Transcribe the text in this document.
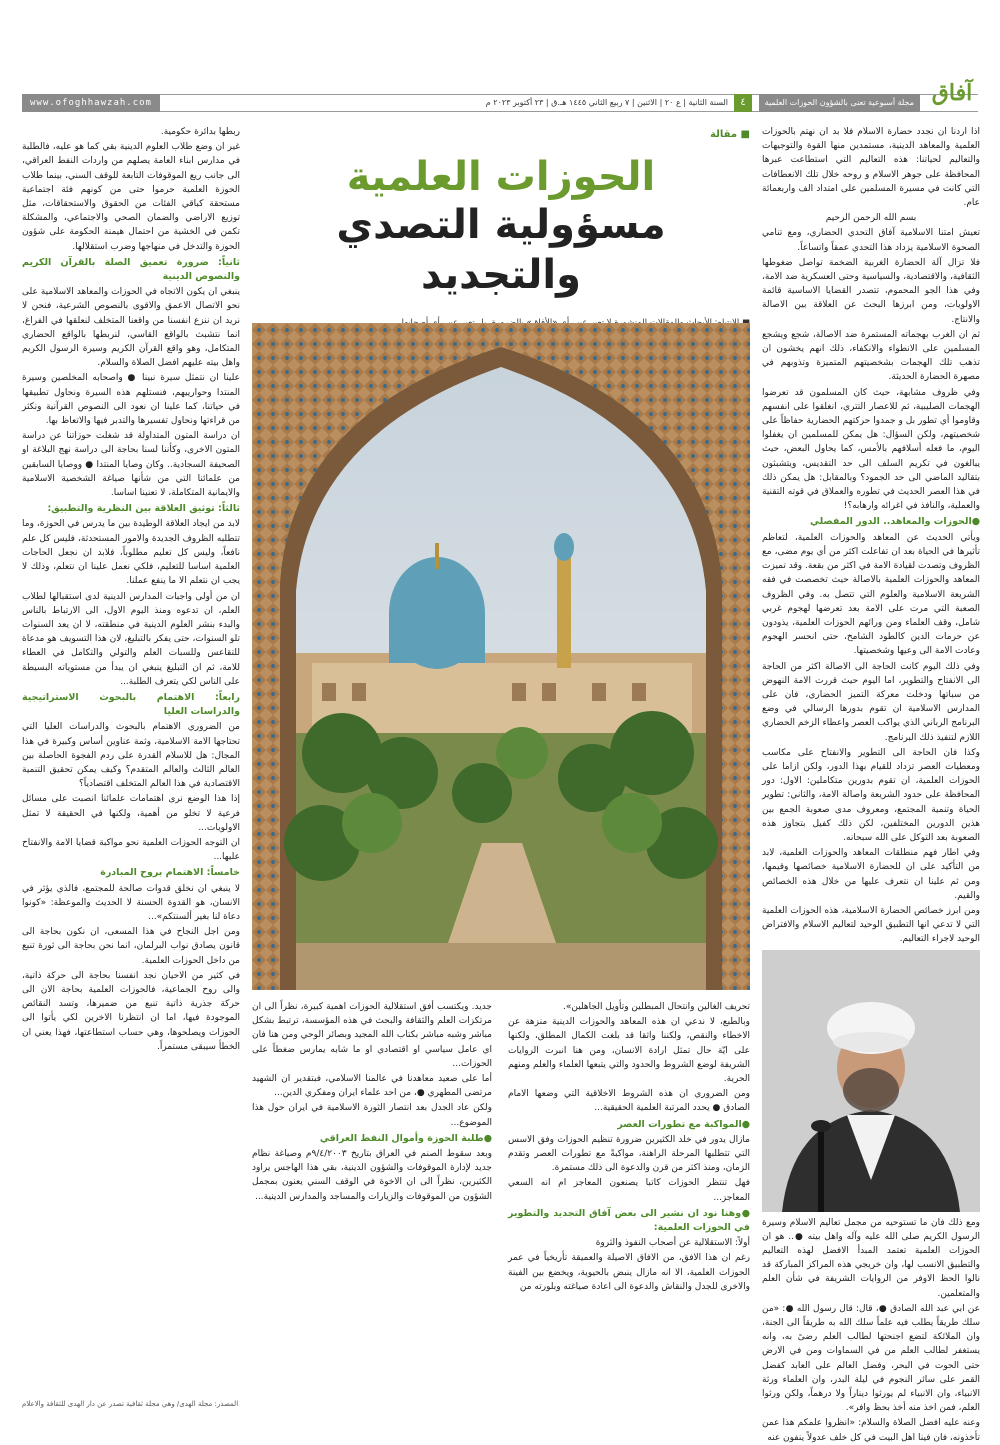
آفاق
مجلة أسبوعية تعنى بالشؤون الحوزات العلمية
٤
السنة الثانية | ع ٢٠ | الاثنين | ٧ ربيع الثاني ١٤٤٥ هـ.ق | ٢٣ أكتوبر ٢٠٢٣ م
www.ofoghhawzah.com

اذا اردنا ان نجدد حضارة الاسلام فلا بد ان نهتم بالحوزات العلمية والمعاهد الدينية، مستمدين منها القوة والتوجيهات والتعاليم لحياتنا: هذه التعاليم التي استطاعت عبرها المحافظة على جوهر الاسلام و روحه خلال تلك الانعطافات التي كانت في مسيرة المسلمين على امتداد الف واربعمائة عام.

بسم الله الرحمن الرحيم

تعيش امتنا الاسلامية آفاق التحدي الحضاري، ومع تنامي الصحوة الاسلامية يزداد هذا التحدي عمقاً واتساعاً.

فلا تزال آلة الحضارة الغربية الضخمة تواصل ضغوطها الثقافية، والاقتصادية، والسياسية وحتى العسكرية ضد الامة، وفي هذا الجو المحموم، تتصدر القضايا الاساسية قائمة الاولويات، ومن ابرزها البحث عن العلاقة بين الاصالة والانتاج.

ثم ان الغرب بهجماته المستمرة ضد الاصالة، شجع ويشجع المسلمين على الانطواء والانكفاء، ذلك انهم يخشون ان تذهب تلك الهجمات بشخصيتهم المتميزة وتذوبهم في مصهرة الحضارة الحديثة.

وفي ظروف مشابهة، حيث كان المسلمون قد تعرضوا الهجمات الصليبية، ثم للاعصار التتري، انغلقوا على انفسهم وقاوموا أي تطور بل و جمدوا حركتهم الحضارية حفاظاً على شخصيتهم، ولكن السؤال: هل يمكن للمسلمين ان يغفلوا اليوم، ما فعله أسلافهم بالأمس، كما يحاول البعض، حيث يبالغون في تكريم السلف الى حد التقديس، ويتشبثون بتقاليد الماضي الى حد الجمود؟ وبالمقابل: هل يمكن ذلك في هذا العصر الحديث في تطوره والعملاق في قوته التقنية والعملية، والنافذ في اغرائه وارهابه؟!

●الحوزات والمعاهد.. الدور المفصلي

ويأتي الحديث عن المعاهد والحوزات العلمية، لتعاظم تأثيرها في الحياة بعد ان تفاعلت اكثر من أي يوم مضى، مع الظروف وتصدت لقيادة الامة في اكثر من بقعة. وقد تميزت المعاهد والحوزات العلمية بالاصالة حيث تخصصت في فقه الشريعة الاسلامية والعلوم التي تتصل به. وفي الظروف الصعبة التي مرت على الامة بعد تعرضها لهجوم غربي شامل، وقف العلماء ومن ورائهم الحوزات العلمية، يذودون عن حرمات الدين كالطود الشامخ، حتى انحسر الهجوم وعادت الامة الى وعيها وشخصيتها.

وفي ذلك اليوم كانت الحاجة الى الاصالة اكثر من الحاجة الى الانفتاح والتطوير، اما اليوم حيث قررت الامة النهوض من سباتها ودخلت معركة التميز الحضاري، فان على المدارس الاسلامية ان تقوم بدورها الرسالي في وضع البرنامج الرباني الذي يواكب العصر واعطاء الزخم الحضاري اللازم لتنفيذ ذلك البرنامج.

وكذا فان الحاجة الى التطوير والانفتاح على مكاسب ومعطيات العصر تزداد للقيام بهذا الدور، ولكن ازاما على الحوزات العلمية، ان تقوم بدورين متكاملين: الاول: دور المحافظة على حدود الشريعة واصالة الامة، والثاني: تطوير الحياة وتنمية المجتمع، ومعروف مدى صعوبة الجمع بين هذين الدورين المختلفين، لكن ذلك كفيل بتجاوز هذه الصعوبة بعد التوكل على الله سبحانه.

وفي اطار فهم منطلقات المعاهد والحوزات العلمية، لابد من التأكيد على ان للحضارة الاسلامية خصائصها وقيمها، ومن ثم علينا ان نتعرف عليها من خلال هذه الخصائص والقيم.

ومن ابرز خصائص الحضارة الاسلامية، هذه الحوزات العلمية التي لا تدعي انها التطبيق الوحيد لتعاليم الاسلام والافتراض الوحيد لاجراء التعاليم.

ومع ذلك فان ما تستوحيه من مجمل تعاليم الاسلام وسيرة الرسول الكريم صلى الله عليه وآله واهل بيته ●.. هو ان الحوزات العلمية تعتمد المبدأ الافضل لهذه التعاليم والتطبيق الانسب لها، وان خريجي هذه المراكز المباركة قد نالوا الحظ الاوفر من الروايات الشريفة في شأن العلم والمتعلمين.

عن ابي عبد الله الصادق ●، قال: قال رسول الله ●: «من سلك طريقاً يطلب فيه علماً سلك الله به طريقاً الى الجنة، وان الملائكة لتضع اجنحتها لطالب العلم رضىً به، وانه يستغفر لطالب العلم من في السماوات ومن في الارض حتى الحوت في البحر، وفضل العالم على العابد كفضل القمر على سائر النجوم في ليلة البدر، وان العلماء ورثة الانبياء، وان الانبياء لم يورثوا ديناراً ولا درهماً، ولكن ورثوا العلم، فمن اخذ منه أخذ بحظ وافر».

وعنه عليه افضل الصلاة والسلام: «انظروا علمكم هذا عمن تأخذونه، فان فينا اهل البيت في كل خلف عدولاً ينفون عنه

■ مقالة
الحوزات العلمية
مسؤولية التصدي والتجديد

تحريف الغالين وانتحال المبطلين وتأويل الجاهلين».

وبالطبع، لا ندعي ان هذه المعاهد والحوزات الدينية منزهة عن الاخطاء والنقص، ولكننا واثقا قد بلغت الكمال المطلق، ولكنها على ايّة حال تمثل ارادة الانسان، ومن هنا انبرت الروايات الشريفة لوضع الشروط والحدود والتي يتبعها العلماء والعلم ومنهم الحرية.

ومن الضروري ان هذه الشروط الاخلاقية التي وضعها الامام الصادق ● يحدد المرتبة العلمية الحقيقية...

●المواكبة مع تطورات العصر

مازال يدور في خلد الكثيرين ضرورة تنظيم الحوزات وفق الاسس التي تتطلبها المرحلة الراهنة، مواكبةً مع تطورات العصر وتقدم الزمان، ومنذ اكثر من قرن والدعوة الى ذلك مستمرة.

فهل تنتظر الحوزات كاتبا يصنعون المعاجز ام انه السعي المعاجز...

●وهنا نود ان نشير الى بعض آفاق التجديد والتطوير في الحوزات العلمية:

أولاً: الاستقلالية عن أصحاب النفوذ والثروة

رغم ان هذا الافق، من الافاق الاصيلة والعميقة تأريخياً في عمر الحوزات العلمية، الا انه مازال ينبض بالحيوية، ويخضع بين الفينة والاخرى للجدل والنقاش والدعوة الى اعادة صياغته وبلورته من

جديد. ويكتسب أفق استقلالية الحوزات اهمية كبيرة، نظراً الى ان مرتكزات العلم والثقافة والبحث في هذه المؤسسة، ترتبط بشكل مباشر وشبه مباشر بكتاب الله المجيد وبصائر الوحي ومن هنا فان اي عامل سياسي او اقتصادي او ما شابه يمارس ضغطاً على الحوزات...

أما على صعيد معاهدنا في عالمنا الاسلامي، فبتقدير ان الشهيد مرتضى المطهري ●، من احد علماء ايران ومفكري الدين...

ولكن عاد الجدل بعد انتصار الثورة الاسلامية في ايران حول هذا الموضوع...

●طلبة الحوزة وأموال النفط العراقي

وبعد سقوط الصنم في العراق بتاريخ ٩/٤/٢٠٠٣م وصياغة نظام جديد لإدارة الموقوفات والشؤون الدينية، بقي هذا الهاجس يراود الكثيرين، نظراً الى ان الاخوة في الوقف السني يعنون بمجمل الشؤون من الموقوفات والزيارات والمساجد والمدارس الدينية...

ربطها بدائرة حكومية.

غير ان وضع طلاب العلوم الدينية بقي كما هو عليه، فالطلبة في مدارس ابناء العامة يصلهم من واردات النفط العراقي، الى جانب ريع الموقوفات التابعة للوقف السني، بينما طلاب الحوزة العلمية حرموا حتى من كونهم فئة اجتماعية مستحقة كباقي الفئات من الحقوق والاستحقاقات، مثل توزيع الاراضي والضمان الصحي والاجتماعي، والمشكلة تكمن في الخشية من احتمال هيمنة الحكومة على شؤون الحوزة والتدخل في منهاجها وضرب استقلالها.

ثانياً: ضرورة تعميق الصلة بالقرآن الكريم والنصوص الدينية

ينبغي ان يكون الاتجاه في الحوزات والمعاهد الاسلامية على نحو الاتصال الاعمق والاقوى بالنصوص الشرعية، فنحن لا نريد ان ننزع انفسنا من واقعنا المتخلف لنعلقها في الفراغ، انما نتشبث بالواقع القاسي، لنربطها بالواقع الحضاري المتكامل، وهو واقع القرآن الكريم وسيرة الرسول الكريم واهل بيته عليهم افضل الصلاة والسلام.

علينا ان نتمثل سيرة نبينا ● واصحابه المخلصين وسيرة المنتدا وحوارييهم، فنستلهم هذه السيرة ونحاول تطبيقها في حياتنا، كما علينا ان نعود الى النصوص القرآنية ونكثر من قراءتها ونحاول تفسيرها والتدبر فيها والاتعاظ بها.

ان دراسة المتون المتداولة قد شغلت حوزاتنا عن دراسة المتون الاخرى، وكأننا لسنا بحاجة الى دراسة نهج البلاغة او الصحيفة السجادية.. وكان وصايا المنتدا ● ووصايا السابقين من علمائنا التي من شأنها صياغة الشخصية الاسلامية والايمانية المتكاملة، لا تعنينا اساسا.

ثالثاً: توثيق العلاقة بين النظرية والتطبيق:

لابد من ايجاد العلاقة الوطيدة بين ما يدرس في الحوزة، وما تتطلبه الظروف الجديدة والامور المستحدثة، فليس كل علم نافعاً، وليس كل تعليم مطلوباً، فلابد ان نجعل الحاجات العلمية اساسا للتعليم، فلكي نعمل علينا ان نتعلم، وذلك لا يجب ان نتعلم الا ما ينفع عملنا.

ان من أولى واجبات المدارس الدينية لدى استقبالها لطلاب العلم، ان تدعوه ومنذ اليوم الاول، الى الارتباط بالناس والبدء بنشر العلوم الدينية في منطقته، لا ان يعد السنوات تلو السنوات، حتى يفكر بالتبليغ، لان هذا التسويف هو مدعاة للتقاعس وللسبات العلم والتولي والتكامل في العطاء للامة، ثم ان التبليغ ينبغي ان يبدأ من مستوياته البسيطة على الناس لكي يتعرف الطلبة...

رابعاً: الاهتمام بالبحوث الاستراتيجية والدراسات العليا

من الضروري الاهتمام بالبحوث والدراسات العليا التي تحتاجها الامة الاسلامية، وثمة عناوين أساس وكبيرة في هذا المجال: هل للاسلام القدرة على ردم الفجوة الحاصلة بين العالم الثالث والعالم المتقدم؟ وكيف يمكن تحقيق التنمية الاقتصادية في هذا العالم المتخلف اقتصادياً؟

إذا هذا الوضع نرى اهتمامات علمائنا انصبت على مسائل فرعية لا تخلو من أهمية، ولكنها في الحقيقة لا تمثل الاولويات...

ان التوجه الحوزات العلمية نحو مواكبة قضايا الامة والانفتاح عليها...

خامساً: الاهتمام بروح المبادرة

لا ينبغي ان نخلق قدوات صالحة للمجتمع، فالذي يؤثر في الانسان، هو القدوة الحسنة لا الحديث والموعظة: «كونوا دعاة لنا بغير ألسنتكم»...

ومن اجل النجاح في هذا المسعى، ان نكون بحاجة الى قانون يصادق نواب البرلمان، انما نحن بحاجة الى ثورة تنبع من داخل الحوزات العلمية.

في كثير من الاحيان نجد انفسنا بحاجة الى حركة ذاتية، والى روح الجماعية، فالحوزات العلمية بحاجة الان الى حركة جذرية ذاتية تنبع من ضميرها، وتسد النقائص الموجودة فيها، اما ان انتظرنا الاخرين لكي يأتوا الى الحوزات ويصلحوها، وهي حساب استطاعتها، فهذا يعني ان الخطأ سيبقى مستمراً.

المصدر: مجلة الهدى/ وهي مجلة ثقافية تصدر عن دار الهدى للثقافة والاعلام
